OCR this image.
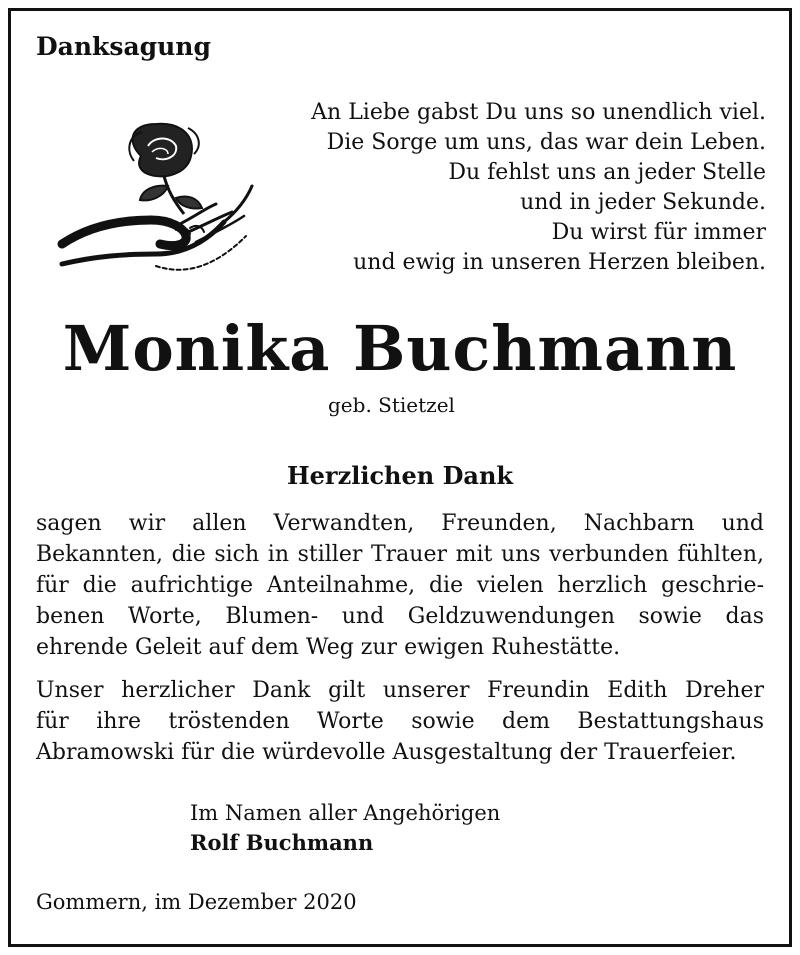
Danksagung
An Liebe gabst Du uns so unendlich viel.
Die Sorge um uns, das war dein Leben.
Du fehlst uns an jeder Stelle
und in jeder Sekunde.
Du wirst für immer
und ewig in unseren Herzen bleiben.
Monika Buchmann
geb. Stietzel
Herzlichen Dank
sagen wir allen Verwandten, Freunden, Nachbarn und
Bekannten, die sich in stiller Trauer mit uns verbunden fühlten,
für die aufrichtige Anteilnahme, die vielen herzlich geschrie-
benen Worte, Blumen- und Geldzuwendungen sowie das
ehrende Geleit auf dem Weg zur ewigen Ruhestätte.
Unser herzlicher Dank gilt unserer Freundin Edith Dreher
für ihre tröstenden Worte sowie dem Bestattungshaus
Abramowski für die würdevolle Ausgestaltung der Trauerfeier.
Im Namen aller Angehörigen
Rolf Buchmann
Gommern, im Dezember 2020
